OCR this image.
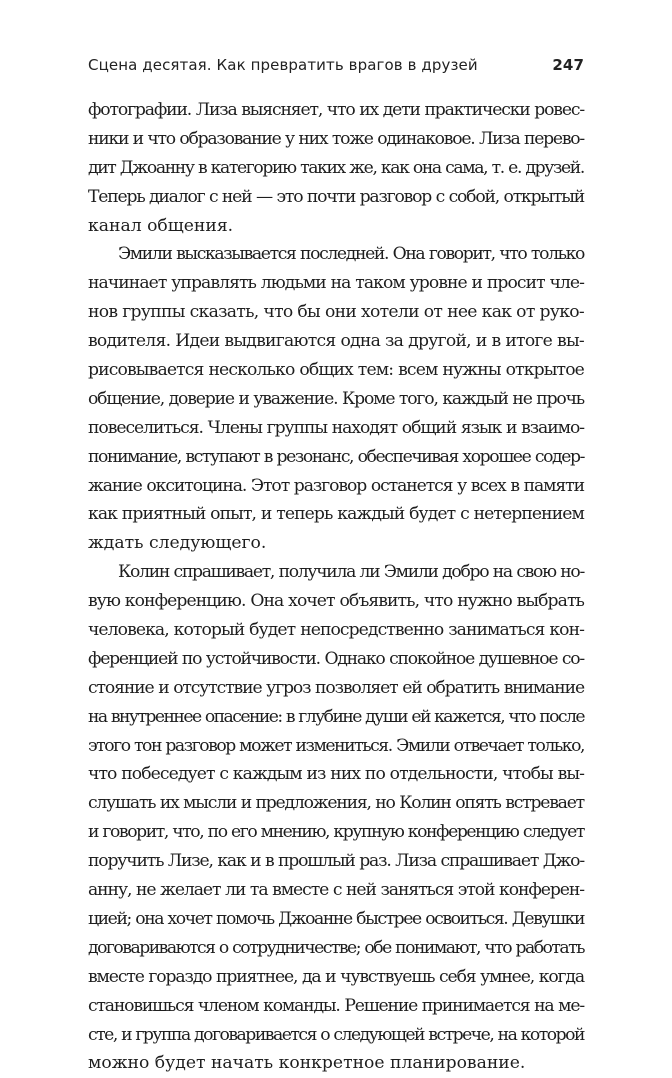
Сцена десятая. Как превратить врагов в друзей	247
фотографии. Лиза выясняет, что их дети практически ровес-
ники и что образование у них тоже одинаковое. Лиза перево-
дит Джоанну в категорию таких же, как она сама, т. е. друзей.
Теперь диалог с ней — это почти разговор с собой, открытый
канал общения.
Эмили высказывается последней. Она говорит, что только
начинает управлять людьми на таком уровне и просит чле-
нов группы сказать, что бы они хотели от нее как от руко-
водителя. Идеи выдвигаются одна за другой, и в итоге вы-
рисовывается несколько общих тем: всем нужны открытое
общение, доверие и уважение. Кроме того, каждый не прочь
повеселиться. Члены группы находят общий язык и взаимо-
понимание, вступают в резонанс, обеспечивая хорошее содер-
жание окситоцина. Этот разговор останется у всех в памяти
как приятный опыт, и теперь каждый будет с нетерпением
ждать следующего.
Колин спрашивает, получила ли Эмили добро на свою но-
вую конференцию. Она хочет объявить, что нужно выбрать
человека, который будет непосредственно заниматься кон-
ференцией по устойчивости. Однако спокойное душевное со-
стояние и отсутствие угроз позволяет ей обратить внимание
на внутреннее опасение: в глубине души ей кажется, что после
этого тон разговор может измениться. Эмили отвечает только,
что побеседует с каждым из них по отдельности, чтобы вы-
слушать их мысли и предложения, но Колин опять встревает
и говорит, что, по его мнению, крупную конференцию следует
поручить Лизе, как и в прошлый раз. Лиза спрашивает Джо-
анну, не желает ли та вместе с ней заняться этой конферен-
цией; она хочет помочь Джоанне быстрее освоиться. Девушки
договариваются о сотрудничестве; обе понимают, что работать
вместе гораздо приятнее, да и чувствуешь себя умнее, когда
становишься членом команды. Решение принимается на ме-
сте, и группа договаривается о следующей встрече, на которой
можно будет начать конкретное планирование.
